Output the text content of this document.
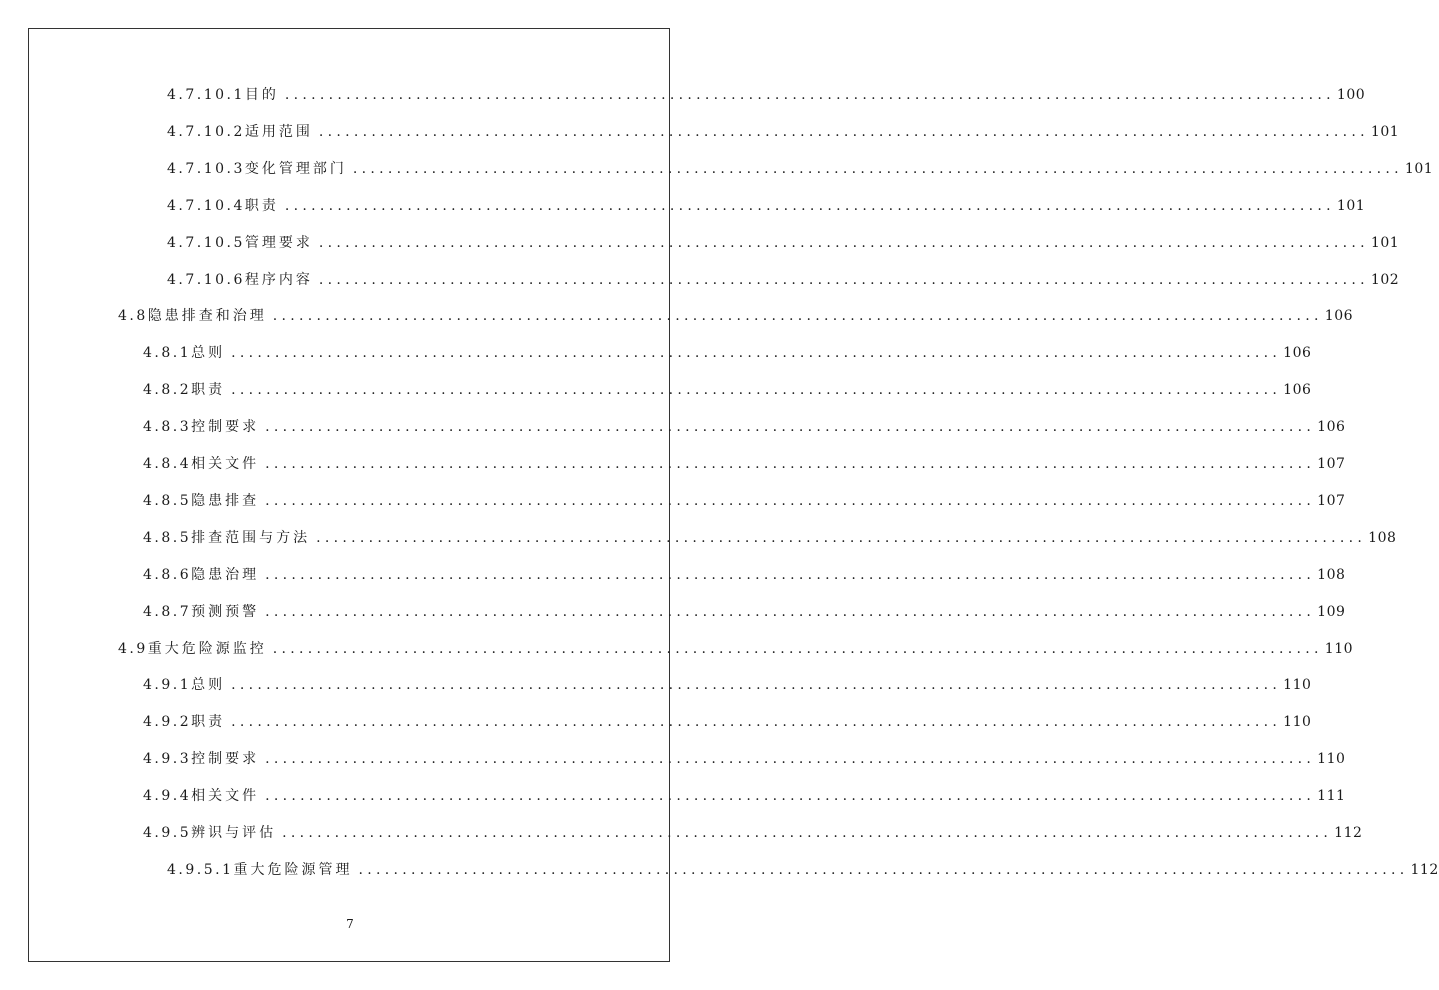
4.7.10.1 目的 ........................................................................................................................ 100
4.7.10.2 适用范围 ........................................................................................................................ 101
4.7.10.3 变化管理部门 ........................................................................................................................ 101
4.7.10.4 职责 ........................................................................................................................ 101
4.7.10.5 管理要求 ........................................................................................................................ 101
4.7.10.6 程序内容 ........................................................................................................................ 102
4.8 隐患排查和治理 ........................................................................................................................ 106
4.8.1 总则 ........................................................................................................................ 106
4.8.2 职责 ........................................................................................................................ 106
4.8.3 控制要求 ........................................................................................................................ 106
4.8.4 相关文件 ........................................................................................................................ 107
4.8.5 隐患排查 ........................................................................................................................ 107
4.8.5 排查范围与方法 ........................................................................................................................ 108
4.8.6 隐患治理 ........................................................................................................................ 108
4.8.7 预测预警 ........................................................................................................................ 109
4.9 重大危险源监控 ........................................................................................................................ 110
4.9.1 总则 ........................................................................................................................ 110
4.9.2 职责 ........................................................................................................................ 110
4.9.3 控制要求 ........................................................................................................................ 110
4.9.4 相关文件 ........................................................................................................................ 111
4.9.5 辨识与评估 ........................................................................................................................ 112
4.9.5.1 重大危险源管理 ........................................................................................................................ 112
7
